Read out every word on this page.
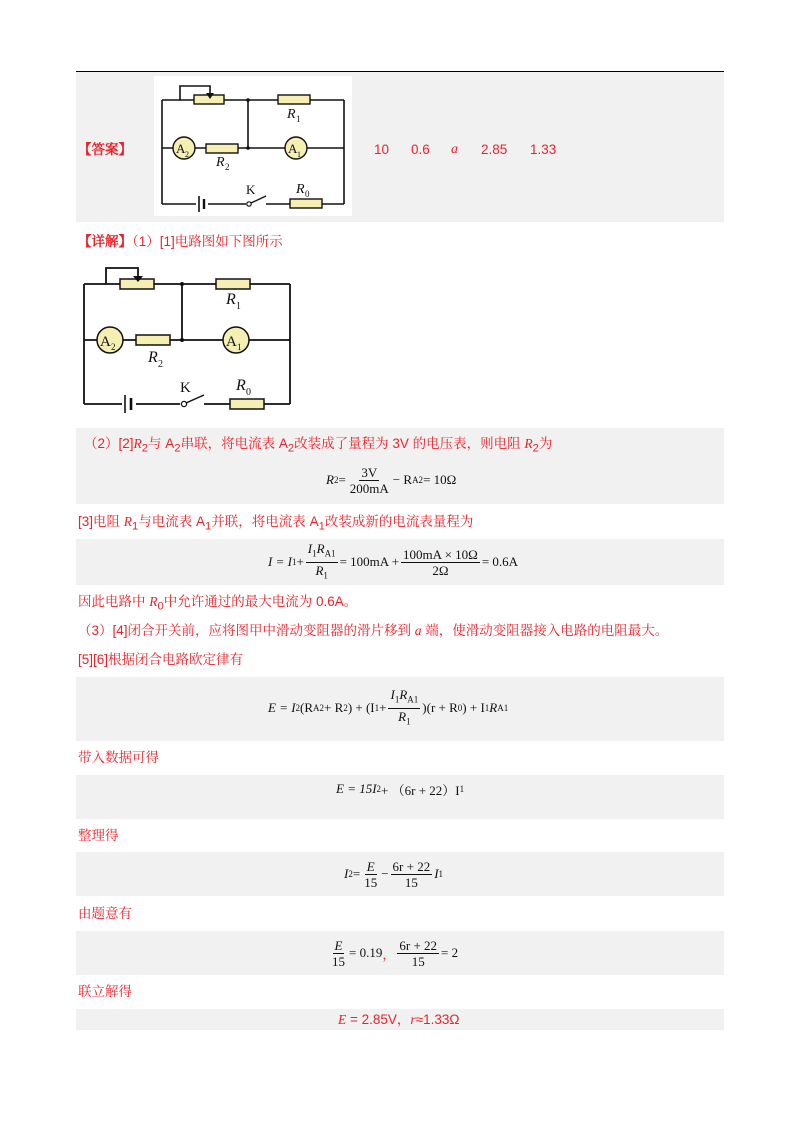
【答案】
R 1
R 2
R 0
A 2	A 1
K
10 0.6 a 2.85 1.33
【详解】（1）[1]电路图如下图所示
R 1
R 2
R 0
A 2	A 1
K
$(2)[2]R_2$与 $A_2$串联，将电流表 $A_2$改装成了量程为 3V 的电压表，则电阻 $R_2$为
R $2 = \frac{3V}{200mA} - R$ A2 = 10Ω
[3]电阻 $R_1$与电流表 $A_1$并联，将电流表 $A_1$改装成新的电流表量程为
I = I $1 + \frac{I_1R_{A1}}{R_1} = 100mA + \frac{100mA \times 10\Omega}{2\Omega} = 0.6A$
因此电路中 $R_0$中允许通过的最大电流为 0.6A。
（3）[4]闭合开关前，应将图甲中滑动变阻器的滑片移到 a 端，使滑动变阻器接入电路的电阻最大。
[5][6]根据闭合电路欧定律有
E = I 2 (R A2 + R 2 ) + (I $1 + \frac{I_1R_{A1}}{R_1} )(r + R$ 0 ) + I 1 R A1
带入数据可得
E = 15I 2 + （6r + 22）I 1
整理得
I $2 = \frac{E}{15} - \frac{6r + 22}{15}$ I 1
由题意有
$\frac{E}{15} = 0.19$ ， $\frac{6r + 22}{15} = 2$
联立解得
E = 2.85V，r≈1.33Ω
